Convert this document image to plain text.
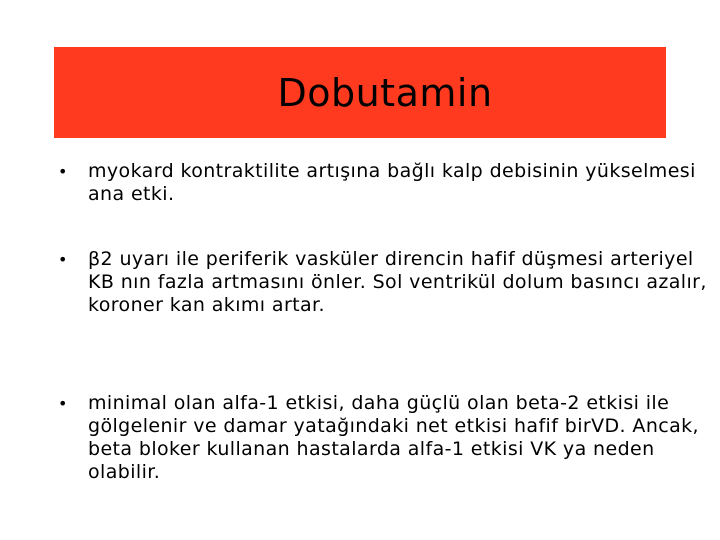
Dobutamin
• myokard kontraktilite artışına bağlı kalp debisinin yükselmesi ana etki.
• β2 uyarı ile periferik vasküler direncin hafif düşmesi arteriyel KB nın fazla artmasını önler. Sol ventrikül dolum basıncı azalır, koroner kan akımı artar.
• minimal olan alfa-1 etkisi, daha güçlü olan beta-2 etkisi ile gölgelenir ve damar yatağındaki net etkisi hafif birVD. Ancak, beta bloker kullanan hastalarda alfa-1 etkisi VK ya neden olabilir.
